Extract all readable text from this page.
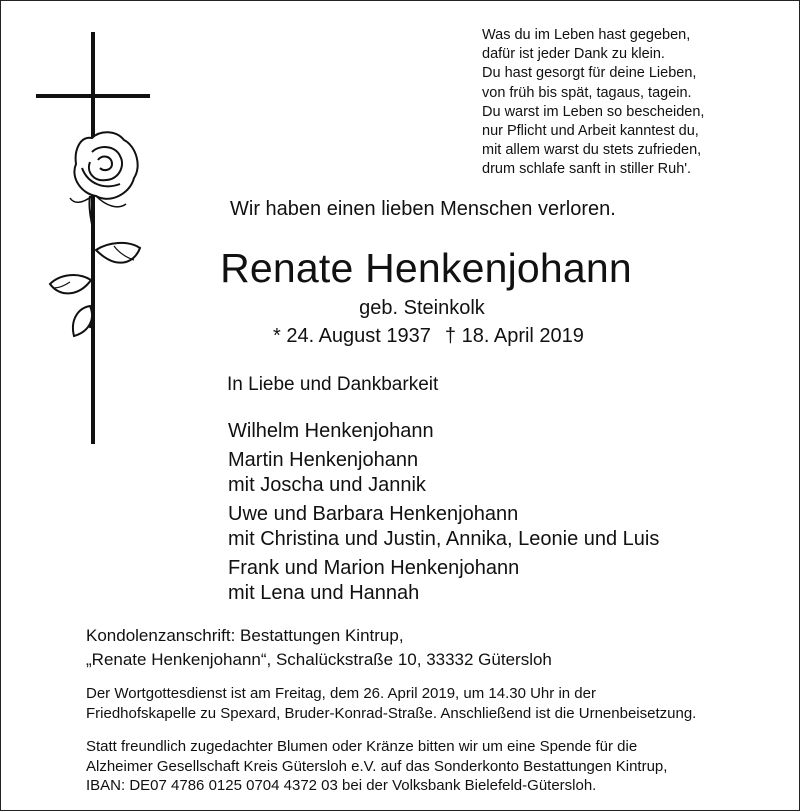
Was du im Leben hast gegeben,
dafür ist jeder Dank zu klein.
Du hast gesorgt für deine Lieben,
von früh bis spät, tagaus, tagein.
Du warst im Leben so bescheiden,
nur Pflicht und Arbeit kanntest du,
mit allem warst du stets zufrieden,
drum schlafe sanft in stiller Ruh'.
Wir haben einen lieben Menschen verloren.
Renate Henkenjohann
geb. Steinkolk
* 24. August 1937 † 18. April 2019
In Liebe und Dankbarkeit
Wilhelm Henkenjohann
Martin Henkenjohann
mit Joscha und Jannik
Uwe und Barbara Henkenjohann
mit Christina und Justin, Annika, Leonie und Luis
Frank und Marion Henkenjohann
mit Lena und Hannah
Kondolenzanschrift: Bestattungen Kintrup,
„Renate Henkenjohann“, Schalückstraße 10, 33332 Gütersloh
Der Wortgottesdienst ist am Freitag, dem 26. April 2019, um 14.30 Uhr in der
Friedhofskapelle zu Spexard, Bruder-Konrad-Straße. Anschließend ist die Urnenbeisetzung.
Statt freundlich zugedachter Blumen oder Kränze bitten wir um eine Spende für die
Alzheimer Gesellschaft Kreis Gütersloh e.V. auf das Sonderkonto Bestattungen Kintrup,
IBAN: DE07 4786 0125 0704 4372 03 bei der Volksbank Bielefeld-Gütersloh.
